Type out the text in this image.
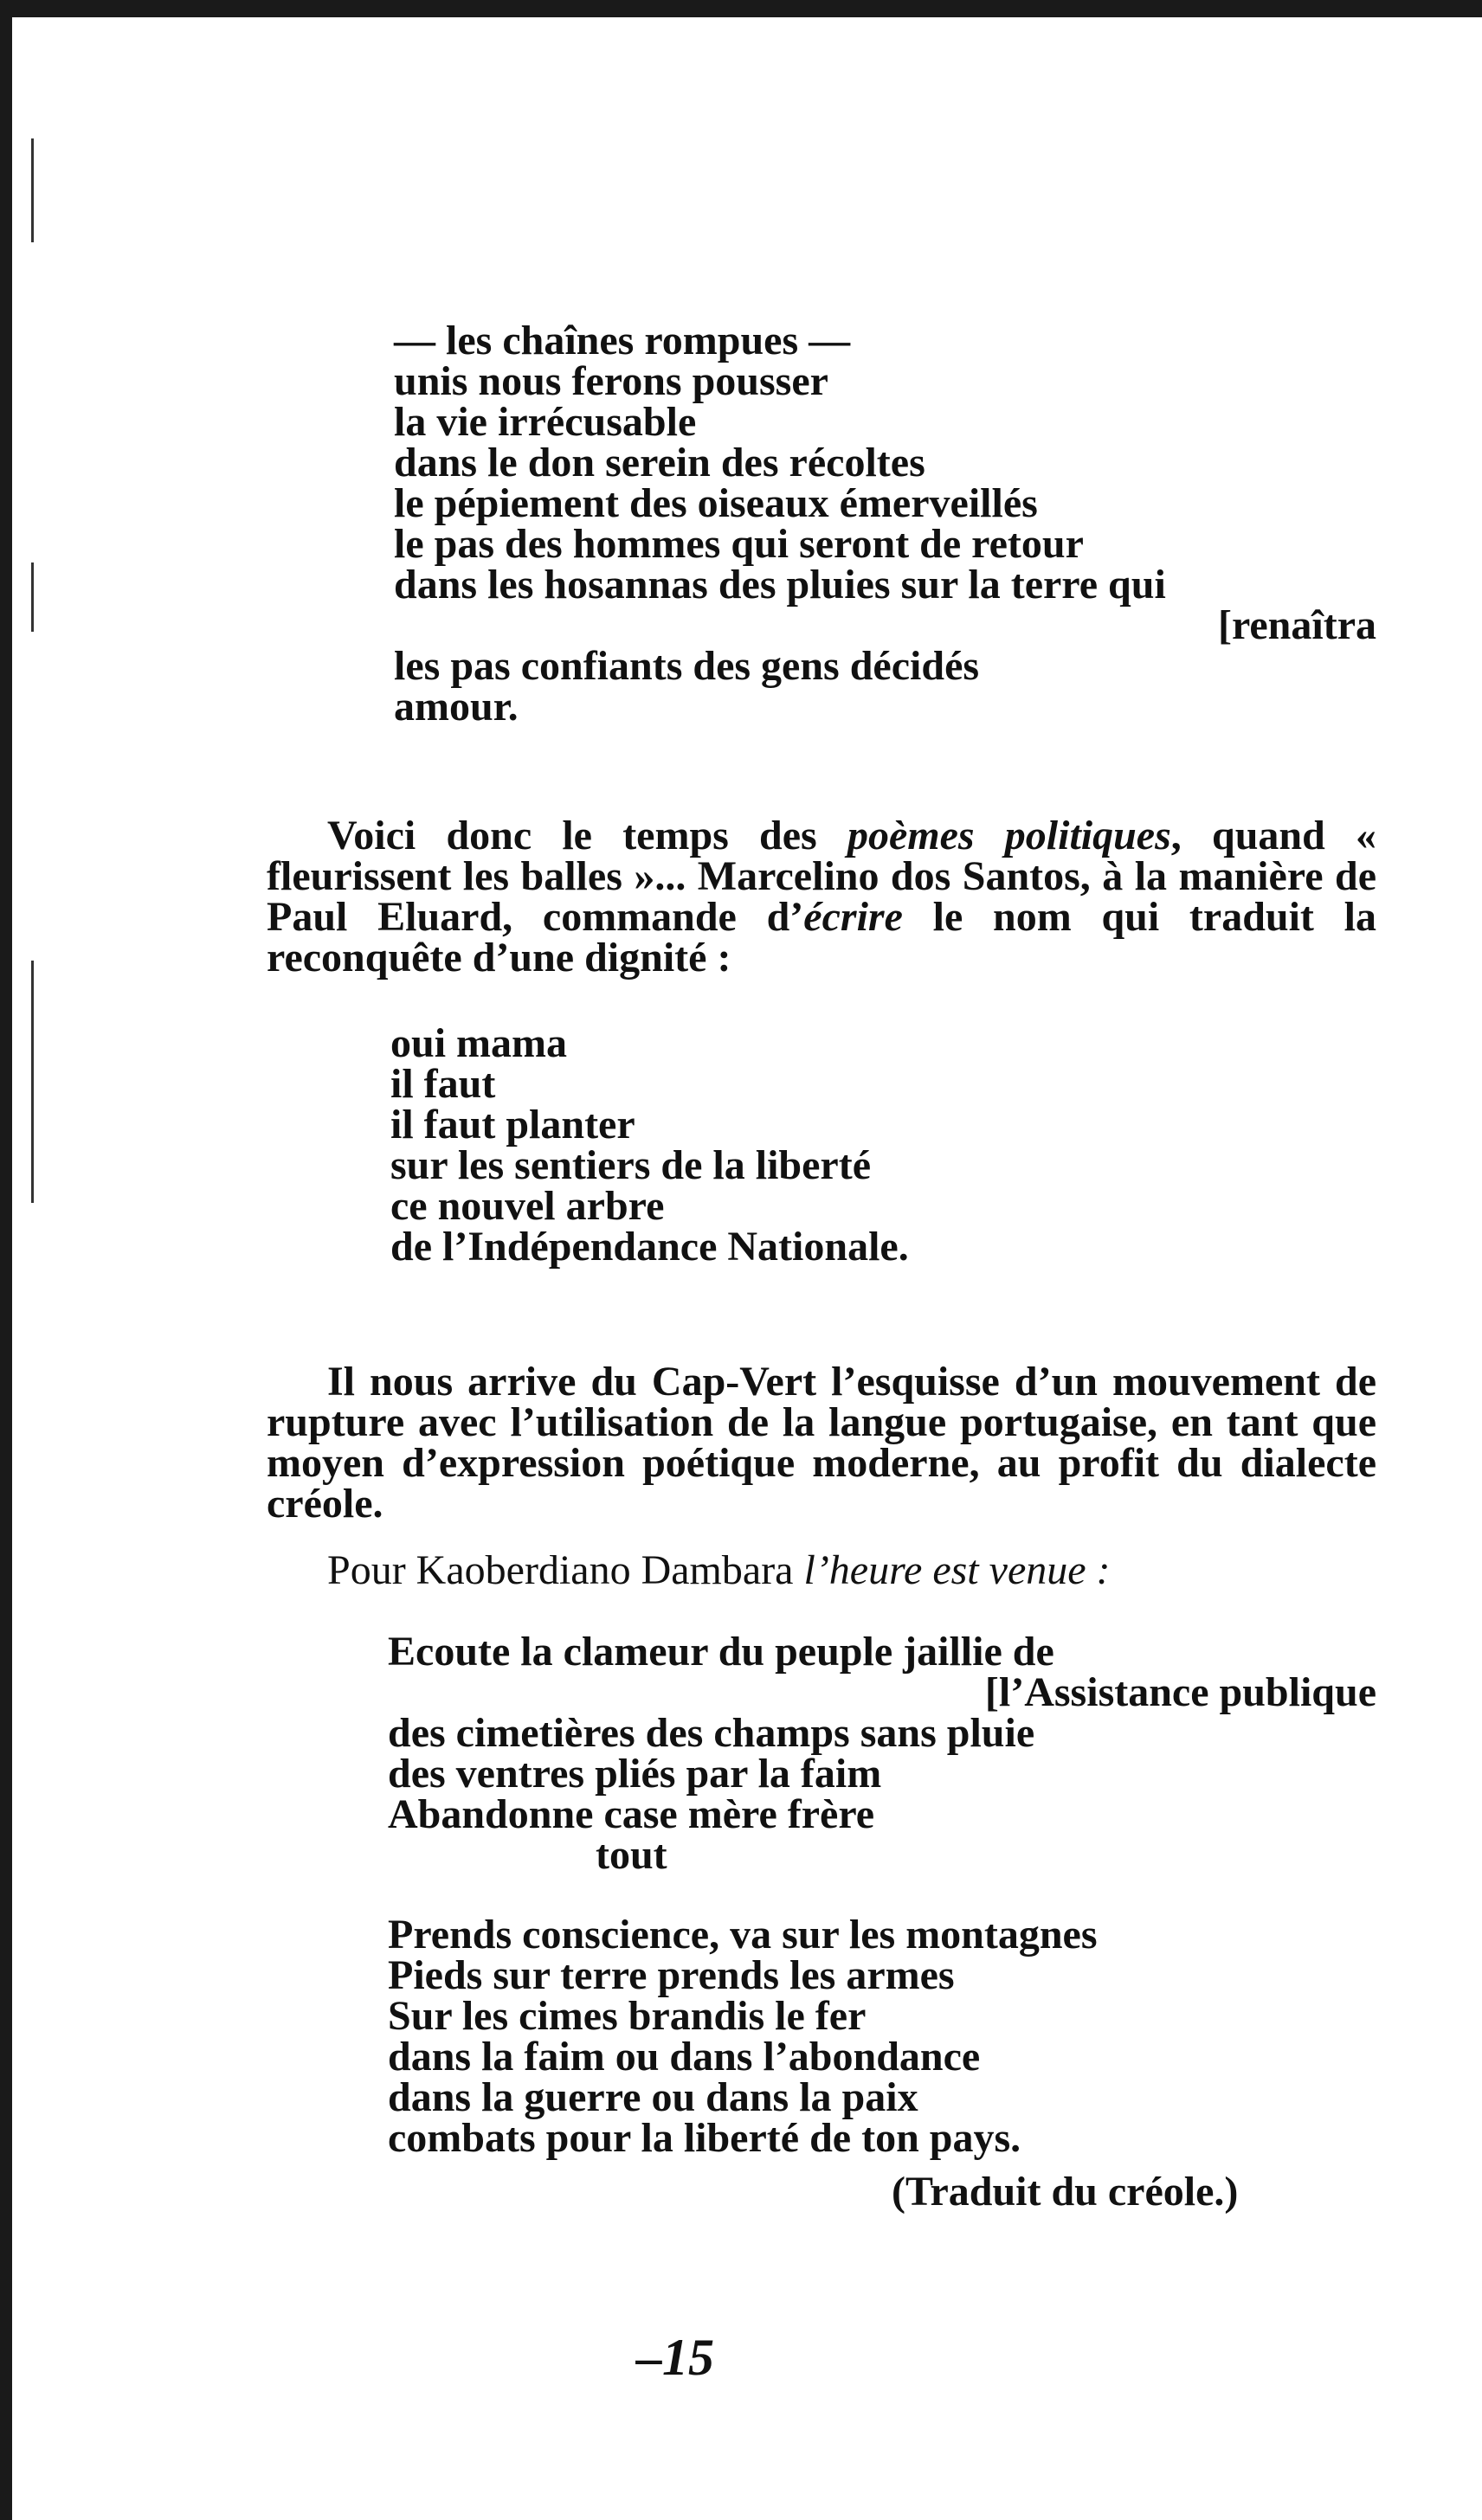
— les chaînes rompues —
unis nous ferons pousser
la vie irrécusable
dans le don serein des récoltes
le pépiement des oiseaux émerveillés
le pas des hommes qui seront de retour
dans les hosannas des pluies sur la terre qui
[renaîtra
les pas confiants des gens décidés
amour.
Voici donc le temps des poèmes politiques, quand « fleurissent les balles »... Marcelino dos Santos, à la manière de Paul Eluard, commande d’écrire le nom qui traduit la reconquête d’une dignité :
oui mama
il faut
il faut planter
sur les sentiers de la liberté
ce nouvel arbre
de l’Indépendance Nationale.
Il nous arrive du Cap-Vert l’esquisse d’un mouvement de rupture avec l’utilisation de la langue portugaise, en tant que moyen d’expression poétique moderne, au profit du dialecte créole.
Pour Kaoberdiano Dambara l’heure est venue :
Ecoute la clameur du peuple jaillie de
[l’Assistance publique
des cimetières des champs sans pluie
des ventres pliés par la faim
Abandonne case mère frère
tout
Prends conscience, va sur les montagnes
Pieds sur terre prends les armes
Sur les cimes brandis le fer
dans la faim ou dans l’abondance
dans la guerre ou dans la paix
combats pour la liberté de ton pays.
(Traduit du créole.)
–15
